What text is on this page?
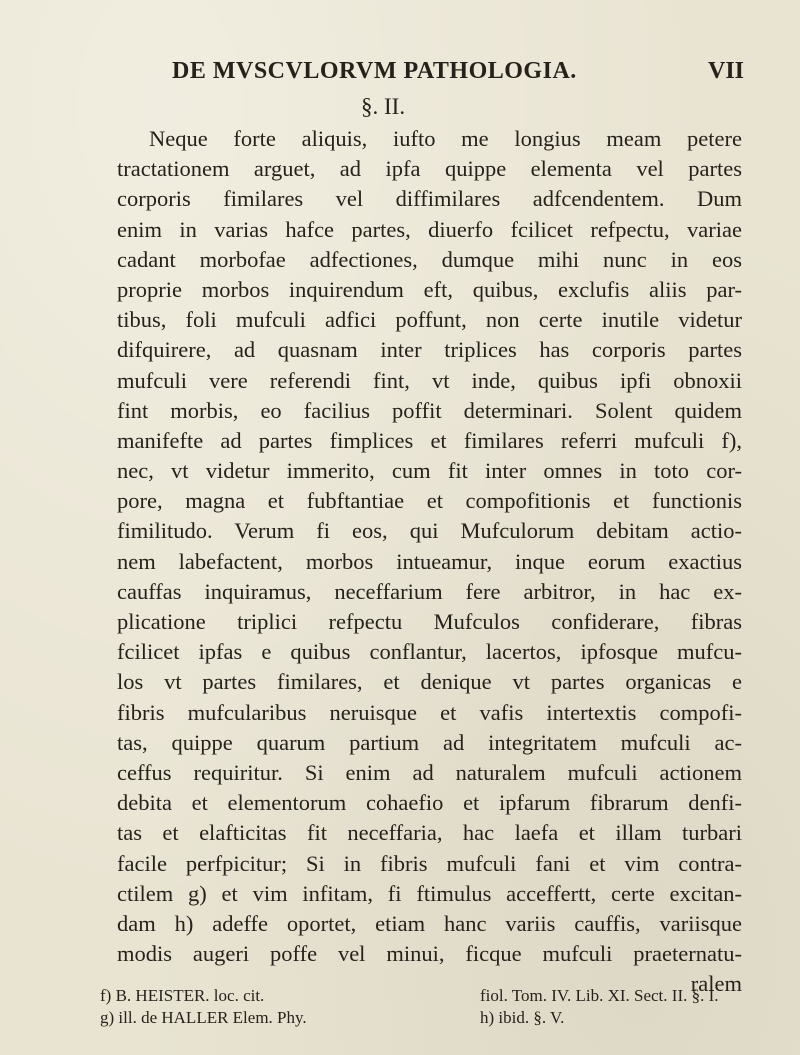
DE MVSCVLORVM PATHOLOGIA.	VII
§. II.
Neque forte aliquis, iufto me longius meam petere
tractationem arguet, ad ipfa quippe elementa vel partes
corporis fimilares vel diffimilares adfcendentem. Dum
enim in varias hafce partes, diuerfo fcilicet refpectu, variae
cadant morbofae adfectiones, dumque mihi nunc in eos
proprie morbos inquirendum eft, quibus, exclufis aliis par-
tibus, foli mufculi adfici poffunt, non certe inutile videtur
difquirere, ad quasnam inter triplices has corporis partes
mufculi vere referendi fint, vt inde, quibus ipfi obnoxii
fint morbis, eo facilius poffit determinari. Solent quidem
manifefte ad partes fimplices et fimilares referri mufculi f),
nec, vt videtur immerito, cum fit inter omnes in toto cor-
pore, magna et fubftantiae et compofitionis et functionis
fimilitudo. Verum fi eos, qui Mufculorum debitam actio-
nem labefactent, morbos intueamur, inque eorum exactius
cauffas inquiramus, neceffarium fere arbitror, in hac ex-
plicatione triplici refpectu Mufculos confiderare, fibras
fcilicet ipfas e quibus conflantur, lacertos, ipfosque mufcu-
los vt partes fimilares, et denique vt partes organicas e
fibris mufcularibus neruisque et vafis intertextis compofi-
tas, quippe quarum partium ad integritatem mufculi ac-
ceffus requiritur. Si enim ad naturalem mufculi actionem
debita et elementorum cohaefio et ipfarum fibrarum denfi-
tas et elafticitas fit neceffaria, hac laefa et illam turbari
facile perfpicitur; Si in fibris mufculi fani et vim contra-
ctilem g) et vim infitam, fi ftimulus acceffertt, certe excitan-
dam h) adeffe oportet, etiam hanc variis cauffis, variisque
modis augeri poffe vel minui, ficque mufculi praeternatu-
ralem
f) B. HEISTER. loc. cit.	fiol. Tom. IV. Lib. XI. Sect. II. §. I.
g) ill. de HALLER Elem. Phy.	h) ibid. §. V.
